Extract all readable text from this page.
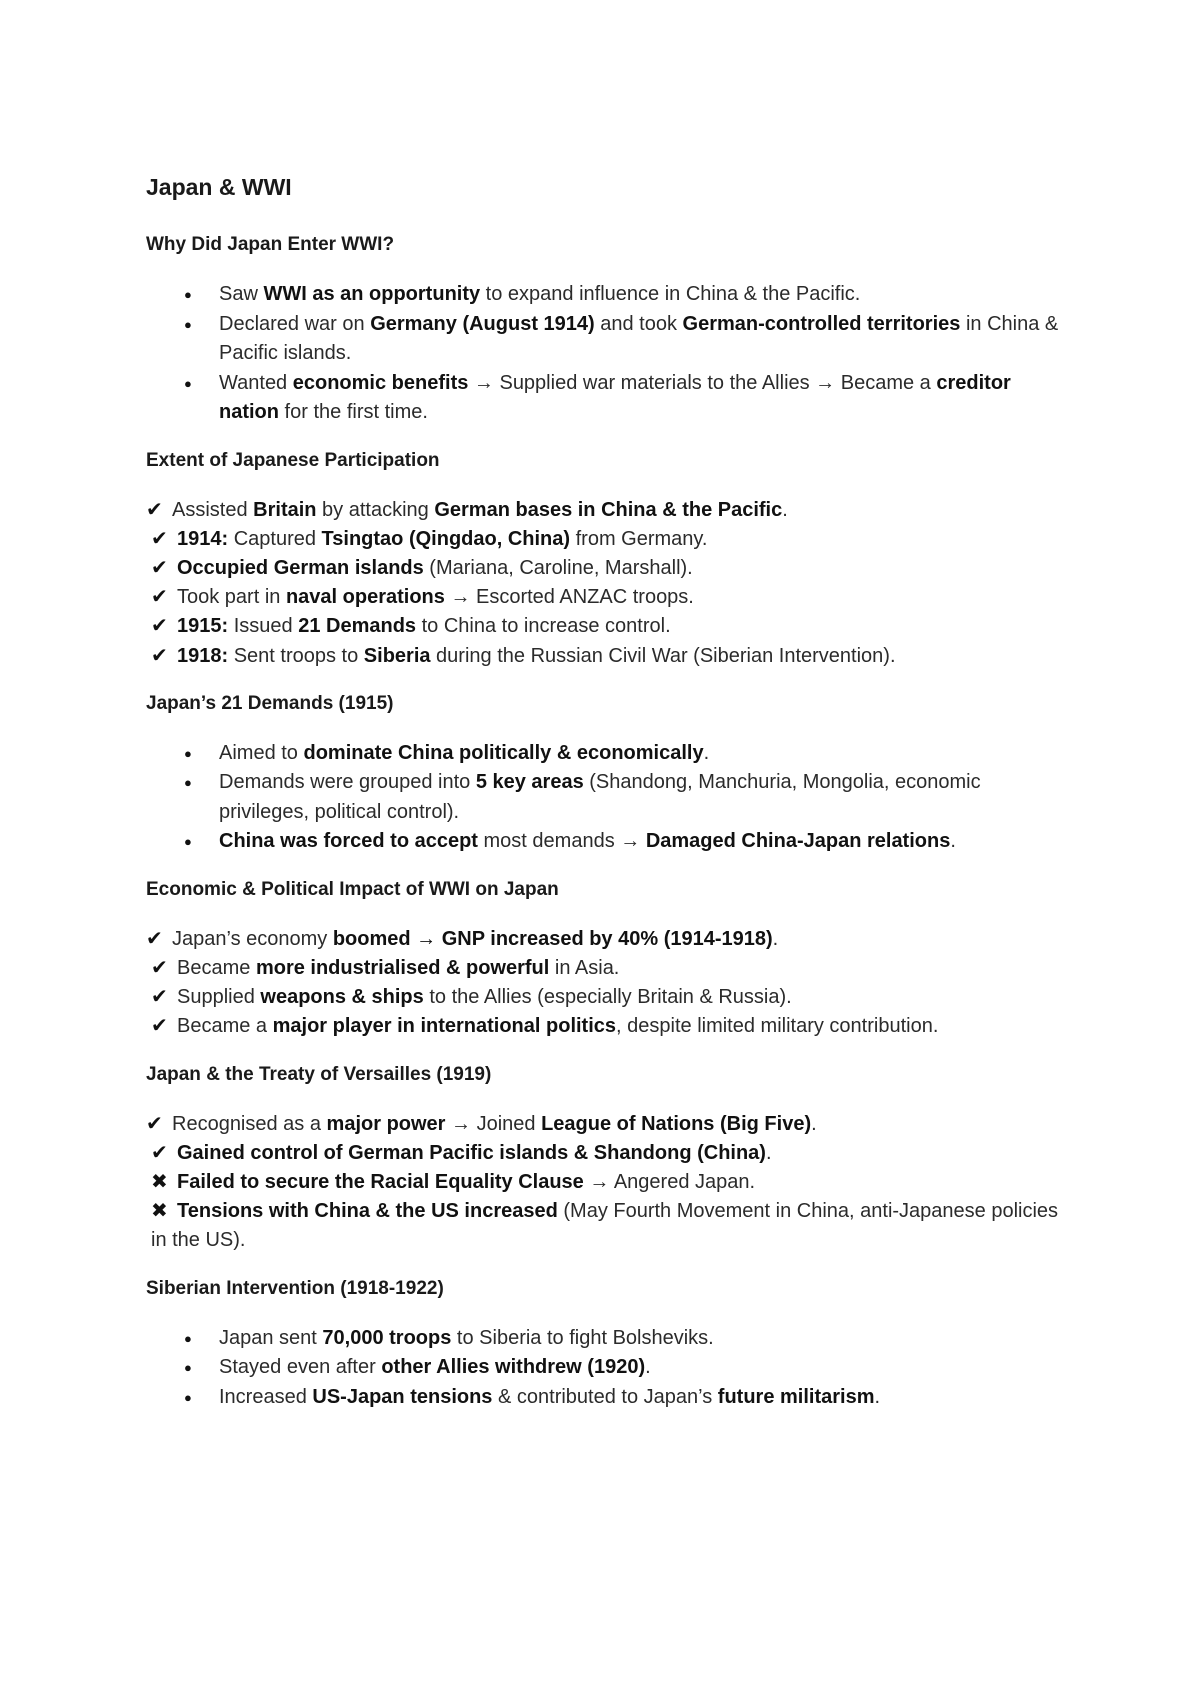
Japan & WWI
Why Did Japan Enter WWI?
● Saw WWI as an opportunity to expand influence in China & the Pacific.
● Declared war on Germany (August 1914) and took German-controlled territories in China & Pacific islands.
● Wanted economic benefits → Supplied war materials to the Allies → Became a creditor nation for the first time.
Extent of Japanese Participation
✔ Assisted Britain by attacking German bases in China & the Pacific.
✔ 1914: Captured Tsingtao (Qingdao, China) from Germany.
✔ Occupied German islands (Mariana, Caroline, Marshall).
✔ Took part in naval operations → Escorted ANZAC troops.
✔ 1915: Issued 21 Demands to China to increase control.
✔ 1918: Sent troops to Siberia during the Russian Civil War (Siberian Intervention).
Japan’s 21 Demands (1915)
● Aimed to dominate China politically & economically.
● Demands were grouped into 5 key areas (Shandong, Manchuria, Mongolia, economic privileges, political control).
● China was forced to accept most demands → Damaged China-Japan relations.
Economic & Political Impact of WWI on Japan
✔ Japan’s economy boomed → GNP increased by 40% (1914-1918).
✔ Became more industrialised & powerful in Asia.
✔ Supplied weapons & ships to the Allies (especially Britain & Russia).
✔ Became a major player in international politics, despite limited military contribution.
Japan & the Treaty of Versailles (1919)
✔ Recognised as a major power → Joined League of Nations (Big Five).
✔ Gained control of German Pacific islands & Shandong (China).
✖ Failed to secure the Racial Equality Clause → Angered Japan.
✖ Tensions with China & the US increased (May Fourth Movement in China, anti-Japanese policies in the US).
Siberian Intervention (1918-1922)
● Japan sent 70,000 troops to Siberia to fight Bolsheviks.
● Stayed even after other Allies withdrew (1920).
● Increased US-Japan tensions & contributed to Japan’s future militarism.
